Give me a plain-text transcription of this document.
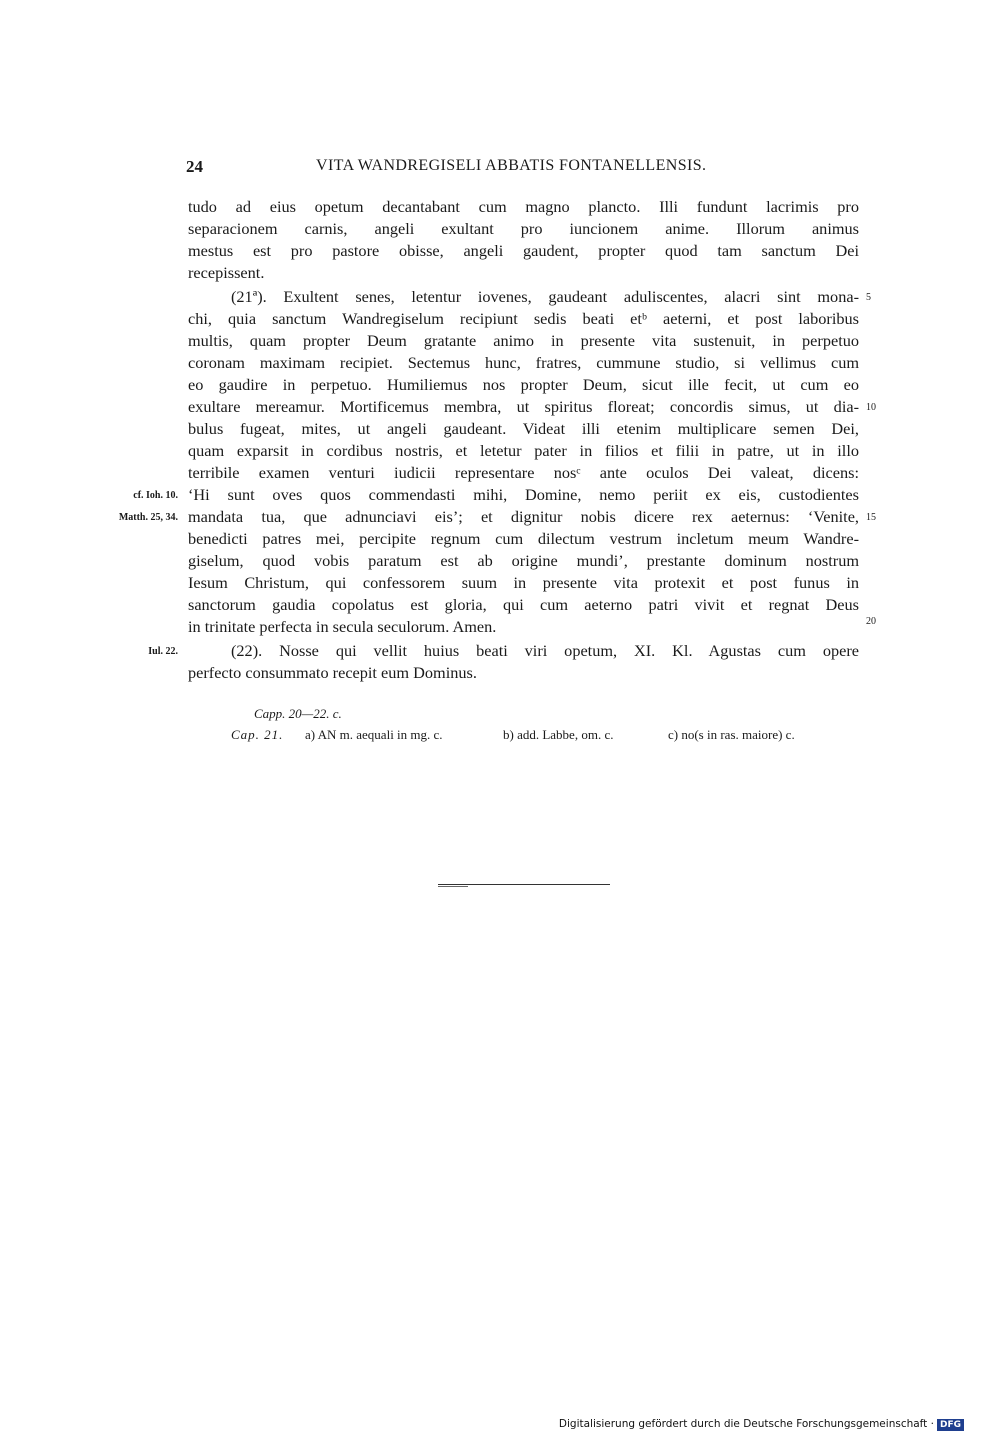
24	VITA WANDREGISELI ABBATIS FONTANELLENSIS.
tudo ad eius opetum decantabant cum magno plancto. Illi fundunt lacrimis pro
separacionem carnis, angeli exultant pro iuncionem anime. Illorum animus
mestus est pro pastore obisse, angeli gaudent, propter quod tam sanctum Dei
recepissent.
(21ª). Exultent senes, letentur iovenes, gaudeant aduliscentes, alacri sint mona-
chi, quia sanctum Wandregiselum recipiunt sedis beati etᵇ aeterni, et post laboribus
multis, quam propter Deum gratante animo in presente vita sustenuit, in perpetuo
coronam maximam recipiet. Sectemus hunc, fratres, cummune studio, si vellimus cum
eo gaudire in perpetuo. Humiliemus nos propter Deum, sicut ille fecit, ut cum eo
exultare mereamur. Mortificemus membra, ut spiritus floreat; concordis simus, ut dia-
bulus fugeat, mites, ut angeli gaudeant. Videat illi etenim multiplicare semen Dei,
quam exparsit in cordibus nostris, et letetur pater in filios et filii in patre, ut in illo
terribile examen venturi iudicii representare nosᶜ ante oculos Dei valeat, dicens:
‘Hi sunt oves quos commendasti mihi, Domine, nemo periit ex eis, custodientes
mandata tua, que adnunciavi eis’; et dignitur nobis dicere rex aeternus: ‘Venite,
benedicti patres mei, percipite regnum cum dilectum vestrum incletum meum Wandre-
giselum, quod vobis paratum est ab origine mundi’, prestante dominum nostrum
Iesum Christum, qui confessorem suum in presente vita protexit et post funus in
sanctorum gaudia copolatus est gloria, qui cum aeterno patri vivit et regnat Deus
in trinitate perfecta in secula seculorum. Amen.
(22). Nosse qui vellit huius beati viri opetum, XI. Kl. Agustas cum opere
perfecto consummato recepit eum Dominus.
5
10
15
20
cf. Ioh. 10.
Matth. 25, 34.
Iul. 22.
Capp. 20—22. c.
Cap. 21. a) AN m. aequali in mg. c.	b) add. Labbe, om. c.	c) no(s in ras. maiore) c.
Digitalisierung gefördert durch die Deutsche Forschungsgemeinschaft · DFG
